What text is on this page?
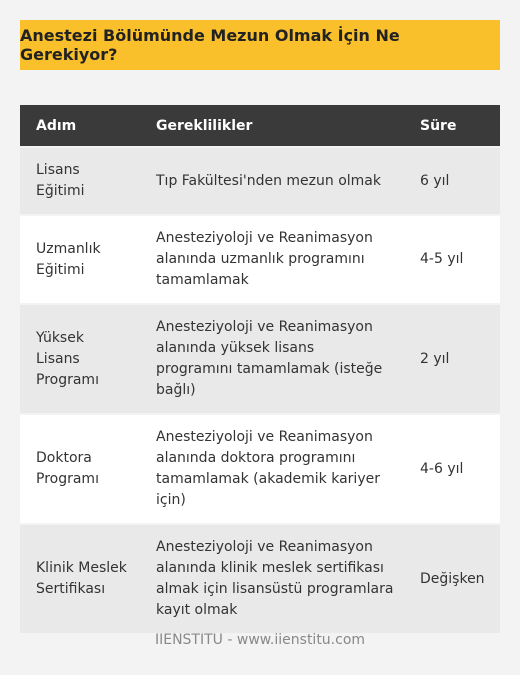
Anestezi Bölümünde Mezun Olmak İçin Ne Gerekiyor?
Adım	Gereklilikler	Süre
Lisans Eğitimi	Tıp Fakültesi'nden mezun olmak	6 yıl
Uzmanlık Eğitimi	Anesteziyoloji ve Reanimasyon alanında uzmanlık programını tamamlamak	4-5 yıl
Yüksek Lisans Programı	Anesteziyoloji ve Reanimasyon alanında yüksek lisans programını tamamlamak (isteğe bağlı)	2 yıl
Doktora Programı	Anesteziyoloji ve Reanimasyon alanında doktora programını tamamlamak (akademik kariyer için)	4-6 yıl
Klinik Meslek Sertifikası	Anesteziyoloji ve Reanimasyon alanında klinik meslek sertifikası almak için lisansüstü programlara kayıt olmak	Değişken
IIENSTITU - www.iienstitu.com
